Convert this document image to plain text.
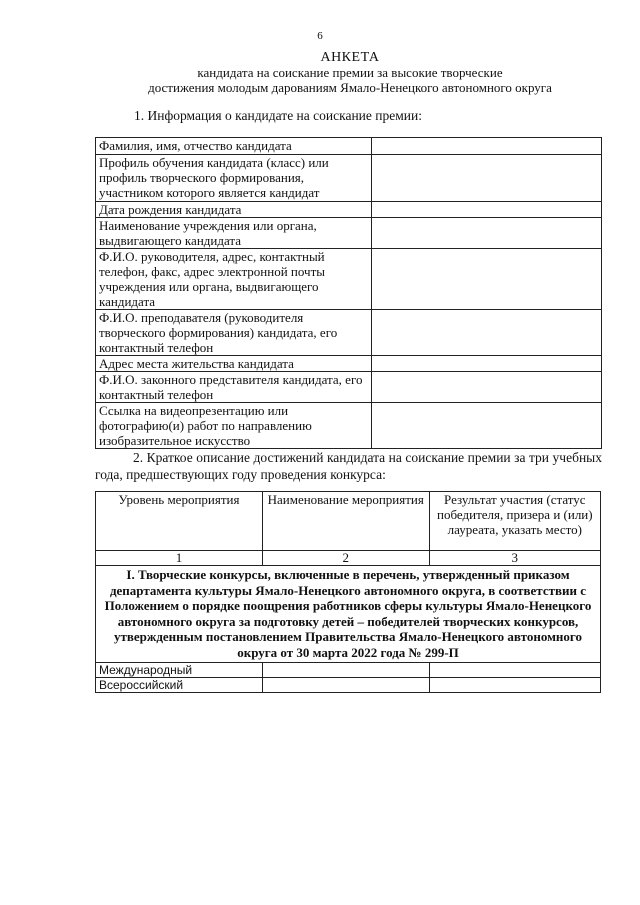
6
АНКЕТА
кандидата на соискание премии за высокие творческие
достижения молодым дарованиям Ямало-Ненецкого автономного округа
1. Информация о кандидате на соискание премии:
Фамилия, имя, отчество кандидата	
Профиль обучения кандидата (класс) или профиль творческого формирования, участником которого является кандидат	
Дата рождения кандидата	
Наименование учреждения или органа, выдвигающего кандидата	
Ф.И.О. руководителя, адрес, контактный телефон, факс, адрес электронной почты учреждения или органа, выдвигающего кандидата	
Ф.И.О. преподавателя (руководителя творческого формирования) кандидата, его контактный телефон	
Адрес места жительства кандидата	
Ф.И.О. законного представителя кандидата, его контактный телефон	
Ссылка на видеопрезентацию или фотографию(и) работ по направлению изобразительное искусство	
2. Краткое описание достижений кандидата на соискание премии за три учебных года, предшествующих году проведения конкурса:
Уровень мероприятия	Наименование мероприятия	Результат участия (статус победителя, призера и (или) лауреата, указать место)
1	2	3
I. Творческие конкурсы, включенные в перечень, утвержденный приказом департамента культуры Ямало-Ненецкого автономного округа, в соответствии с Положением о порядке поощрения работников сферы культуры Ямало-Ненецкого автономного округа за подготовку детей – победителей творческих конкурсов, утвержденным постановлением Правительства Ямало-Ненецкого автономного округа от 30 марта 2022 года № 299-П		
Международный		
Всероссийский		
